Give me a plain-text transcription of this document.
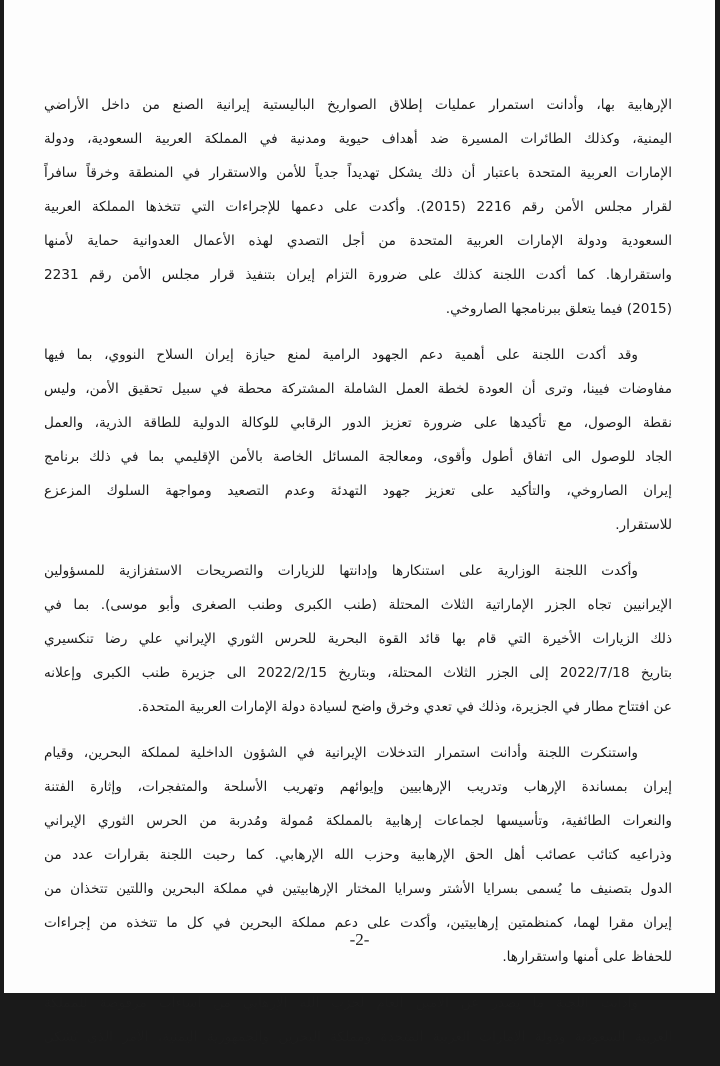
الإرهابية بها، وأدانت استمرار عمليات إطلاق الصواريخ الباليستية إيرانية الصنع من داخل الأراضي
اليمنية، وكذلك الطائرات المسيرة ضد أهداف حيوية ومدنية في المملكة العربية السعودية، ودولة
الإمارات العربية المتحدة باعتبار أن ذلك يشكل تهديداً جدياً للأمن والاستقرار في المنطقة وخرقاً سافراً
لقرار مجلس الأمن رقم 2216 (2015). وأكدت على دعمها للإجراءات التي تتخذها المملكة العربية
السعودية ودولة الإمارات العربية المتحدة من أجل التصدي لهذه الأعمال العدوانية حماية لأمنها
واستقرارها. كما أكدت اللجنة كذلك على ضرورة التزام إيران بتنفيذ قرار مجلس الأمن رقم 2231
(2015) فيما يتعلق ببرنامجها الصاروخي.

وقد أكدت اللجنة على أهمية دعم الجهود الرامية لمنع حيازة إيران السلاح النووي، بما فيها
مفاوضات فيينا، وترى أن العودة لخطة العمل الشاملة المشتركة محطة في سبيل تحقيق الأمن، وليس
نقطة الوصول، مع تأكيدها على ضرورة تعزيز الدور الرقابي للوكالة الدولية للطاقة الذرية، والعمل
الجاد للوصول الى اتفاق أطول وأقوى، ومعالجة المسائل الخاصة بالأمن الإقليمي بما في ذلك برنامج
إيران الصاروخي، والتأكيد على تعزيز جهود التهدئة وعدم التصعيد ومواجهة السلوك المزعزع
للاستقرار.

وأكدت اللجنة الوزارية على استنكارها وإدانتها للزيارات والتصريحات الاستفزازية للمسؤولين
الإيرانيين تجاه الجزر الإماراتية الثلاث المحتلة (طنب الكبرى وطنب الصغرى وأبو موسى). بما في
ذلك الزيارات الأخيرة التي قام بها قائد القوة البحرية للحرس الثوري الإيراني علي رضا تنكسيري
بتاريخ 2022/7/18 إلى الجزر الثلاث المحتلة، وبتاريخ 2022/2/15 الى جزيرة طنب الكبرى وإعلانه
عن افتتاح مطار في الجزيرة، وذلك في تعدي وخرق واضح لسيادة دولة الإمارات العربية المتحدة.

واستنكرت اللجنة وأدانت استمرار التدخلات الإيرانية في الشؤون الداخلية لمملكة البحرين، وقيام
إيران بمساندة الإرهاب وتدريب الإرهابيين وإيوائهم وتهريب الأسلحة والمتفجرات، وإثارة الفتنة
والنعرات الطائفية، وتأسيسها لجماعات إرهابية بالمملكة مُمولة ومُدربة من الحرس الثوري الإيراني
وذراعيه كتائب عصائب أهل الحق الإرهابية وحزب الله الإرهابي. كما رحبت اللجنة بقرارات عدد من
الدول بتصنيف ما يُسمى بسرايا الأشتر وسرايا المختار الإرهابيتين في مملكة البحرين واللتين تتخذان من
إيران مقرا لهما، كمنظمتين إرهابيتين، وأكدت على دعم مملكة البحرين في كل ما تتخذه من إجراءات
للحفاظ على أمنها واستقرارها.

وأدانت اللجنة ما يصدر عن الأمين العام لحزب الله الإرهابي من إساءات مرفوضة للمملكة
العربية السعودية ودولة الإمارات العربية المتحدة ومملكة البحرين والجمهورية اليمنية، الأمر الذي يُشكل

-2-
